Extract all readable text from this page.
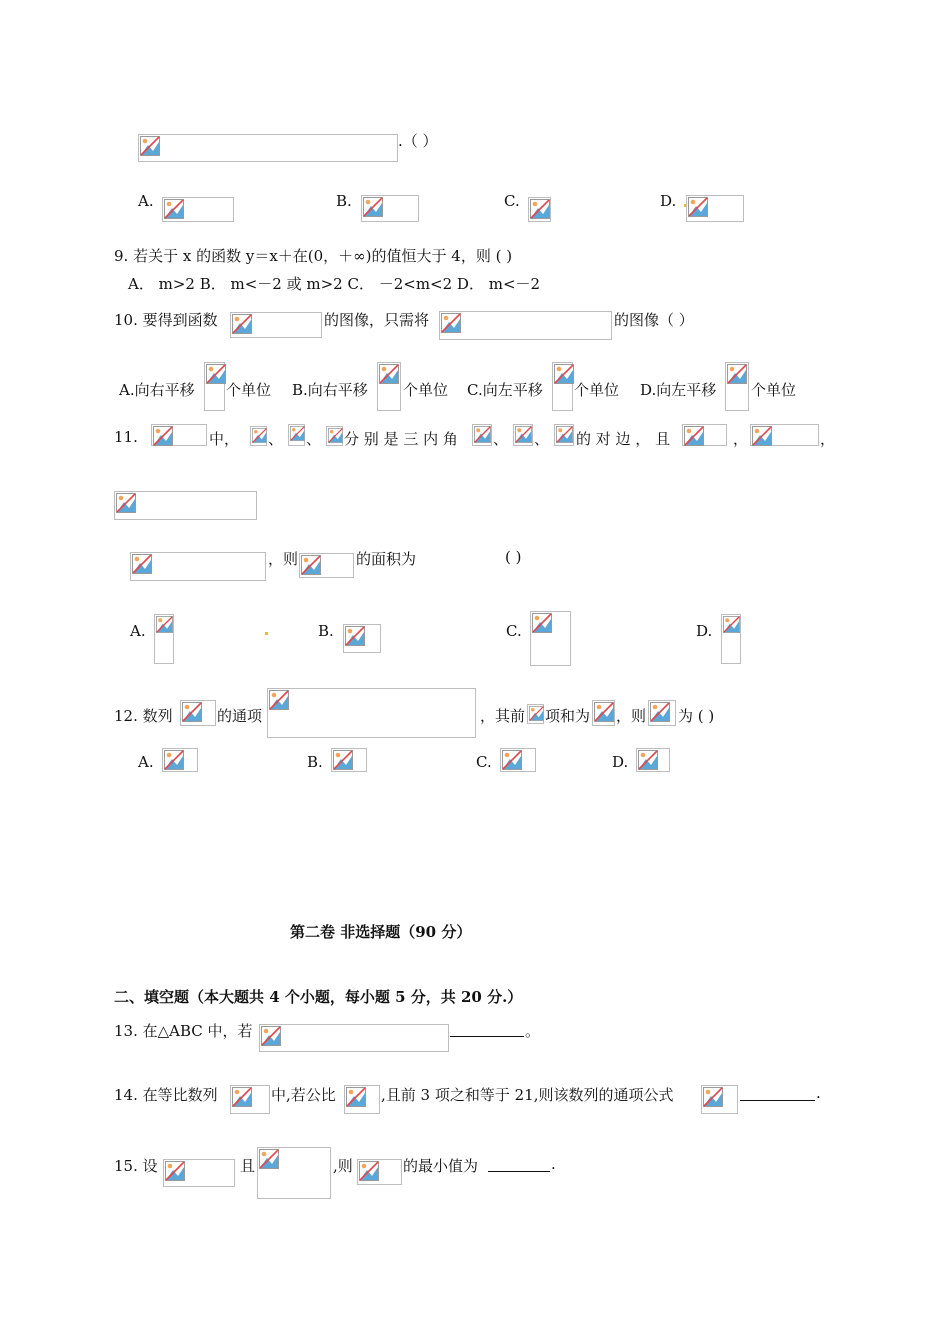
.（ ）
A.	B.	C.	D.
9. 若关于 x 的函数 y＝x＋在(0，＋∞)的值恒大于 4，则 ( )
A． m>2 B． m<－2 或 m>2 C． －2<m<2 D． m<－2
10. 要得到函数	的图像，只需将	的图像（ ）
A.向右平移 个单位 B.向右平移 个单位 C.向左平移 个单位 D.向左平移 个单位
11.	中， 、 、 分 别 是 三 内 角 、 、 的 对 边 ， 且	，	，
，则	的面积为	( )
A.	B.	C.	D.
12. 数列	的通项	，其前 项和为 ，则 为 ( )
A.	B.	C.	D.
第二卷 非选择题（90 分）
二、填空题（本大题共 4 个小题，每小题 5 分，共 20 分.）
13. 在△ABC 中，若	。
14. 在等比数列	中,若公比	,且前 3 项之和等于 21,则该数列的通项公式	.
15. 设	且	,则	的最小值为	.
